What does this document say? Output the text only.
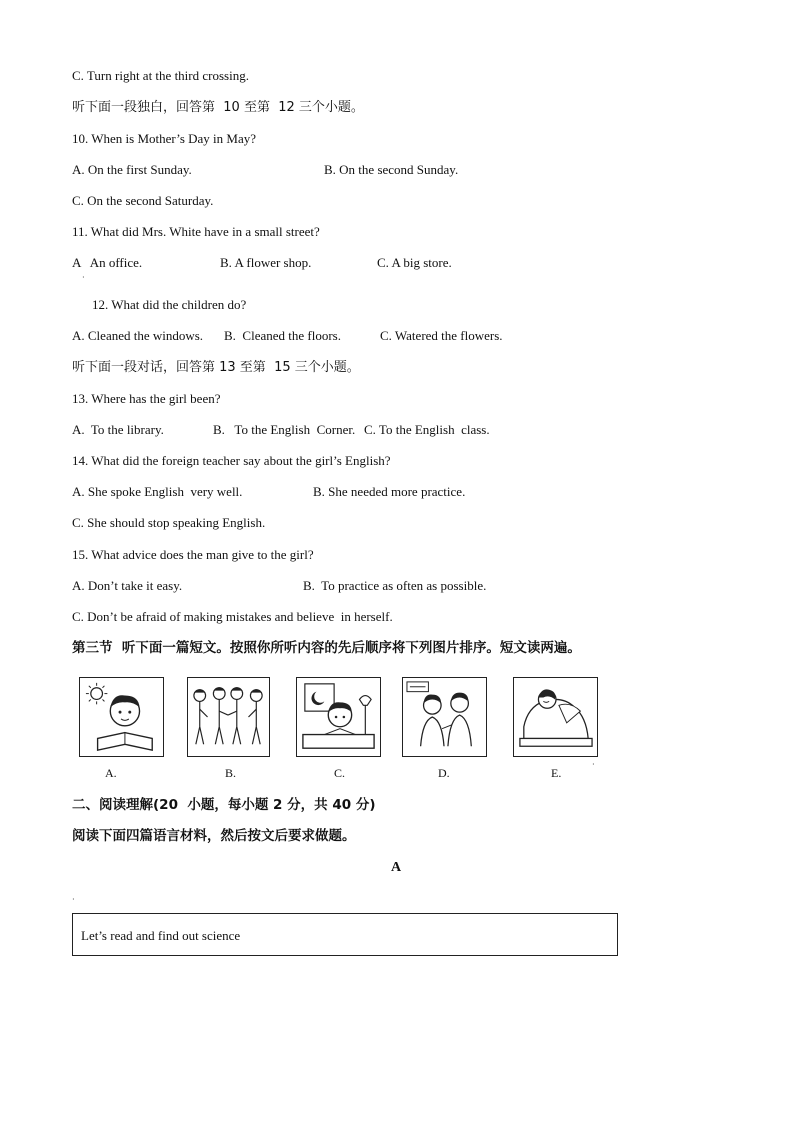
C. Turn right at the third crossing.
听下面一段独白，回答第  10 至第  12 三个小题。
10. When is Mother’s Day in May?
A. On the first Sunday.	B. On the second Sunday.
C. On the second Saturday.
11. What did Mrs. White have in a small street?
A   An office.	B. A flower shop.	C. A big store.
·
12. What did the children do?
A. Cleaned the windows. B.  Cleaned the floors.	C. Watered the flowers.
听下面一段对话，回答第 13 至第  15 三个小题。
13. Where has the girl been?
A.  To the library.	B.   To the English  Corner. C. To the English  class.
14. What did the foreign teacher say about the girl’s English?
A. She spoke English  very well.	B. She needed more practice.
C. She should stop speaking English.
15. What advice does the man give to the girl?
A. Don’t take it easy.	B.  To practice as often as possible.
C. Don’t be afraid of making mistakes and believe  in herself.
第三节  听下面一篇短文。按照你所听内容的先后顺序将下列图片排序。短文读两遍。
A.	B.	C.	D.	E.
·
二、阅读理解(20  小题，每小题 2 分，共 40 分)
阅读下面四篇语言材料，然后按文后要求做题。
A
·
Let’s read and find out science
